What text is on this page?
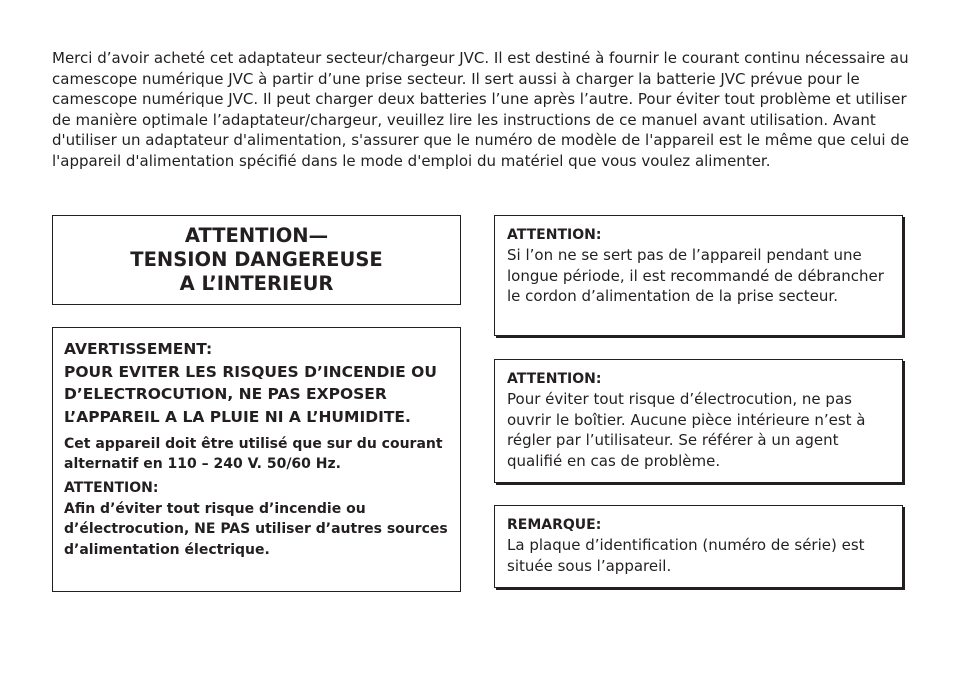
Merci d’avoir acheté cet adaptateur secteur/chargeur JVC. Il est destiné à fournir le courant continu nécessaire au camescope numérique JVC à partir d’une prise secteur. Il sert aussi à charger la batterie JVC prévue pour le camescope numérique JVC. Il peut charger deux batteries l’une après l’autre. Pour éviter tout problème et utiliser de manière optimale l’adaptateur/chargeur, veuillez lire les instructions de ce manuel avant utilisation. Avant d'utiliser un adaptateur d'alimentation, s'assurer que le numéro de modèle de l'appareil est le même que celui de l'appareil d'alimentation spécifié dans le mode d'emploi du matériel que vous voulez alimenter.

ATTENTION—
TENSION DANGEREUSE
A L’INTERIEUR

AVERTISSEMENT:

POUR EVITER LES RISQUES D’INCENDIE OU D’ELECTROCUTION, NE PAS EXPOSER L’APPAREIL A LA PLUIE NI A L’HUMIDITE.

Cet appareil doit être utilisé que sur du courant alternatif en 110 – 240 V. 50/60 Hz.

ATTENTION:

Afin d’éviter tout risque d’incendie ou d’électrocution, NE PAS utiliser d’autres sources d’alimentation électrique.

ATTENTION:

Si l’on ne se sert pas de l’appareil pendant une longue période, il est recommandé de débrancher le cordon d’alimentation de la prise secteur.

ATTENTION:

Pour éviter tout risque d’électrocution, ne pas ouvrir le boîtier. Aucune pièce intérieure n’est à régler par l’utilisateur. Se référer à un agent qualifié en cas de problème.

REMARQUE:

La plaque d’identification (numéro de série) est située sous l’appareil.
